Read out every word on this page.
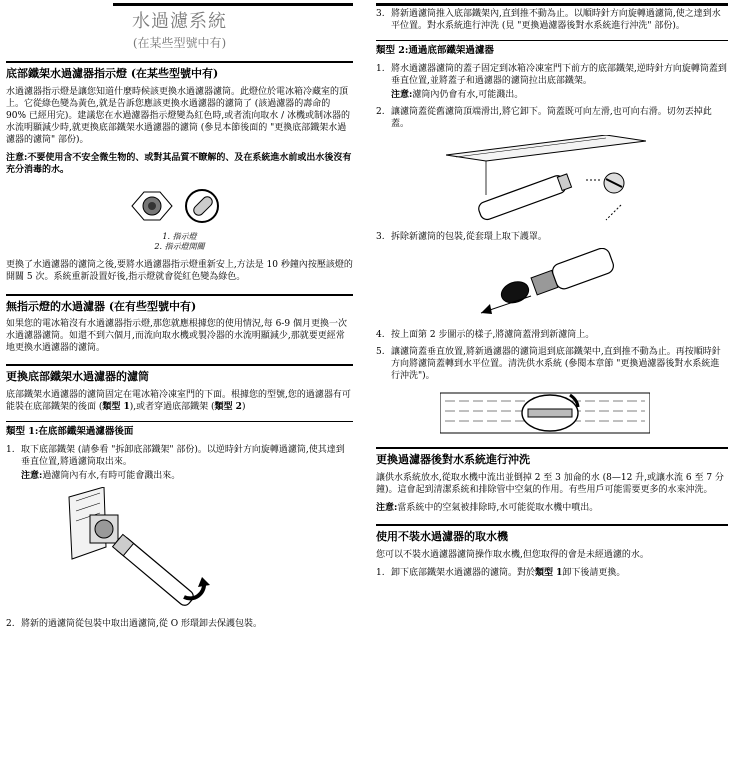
水過濾系統
(在某些型號中有)
底部鐵架水過濾器指示燈 (在某些型號中有)

水過濾器指示燈是讓您知道什麼時候該更換水過濾器濾筒。此燈位於電冰箱冷藏室的頂上。它從綠色變為黃色,就是告訴您應該更換水過濾器的濾筒了 (該過濾器的壽命的 90% 已經用完)。建議您在水過濾器指示燈變為紅色時,或者流向取水 / 冰機或制冰器的水流明顯減少時,就更換底部鐵架水過濾器的濾筒 (參見本節後面的 "更換底部鐵架水過濾器的濾筒" 部份)。

注意:不要使用含不安全微生物的、或對其品質不瞭解的、及在系統進水前或出水後沒有充分消毒的水。
1. 指示燈
2. 指示燈開關

更換了水過濾器的濾筒之後,要將水過濾器指示燈重新安上,方法是 10 秒鐘內按壓該燈的開關 5 次。系統重新設置好後,指示燈就會從紅色變為綠色。

無指示燈的水過濾器 (在有些型號中有)

如果您的電冰箱沒有水過濾器指示燈,那您就應根據您的使用情況,每 6-9 個月更換一次水過濾器濾筒。如還不到六個月,而流向取水機或製冷器的水流明顯減少,那就要更經常地更換水過濾器的濾筒。

更換底部鐵架水過濾器的濾筒

底部鐵架水過濾器的濾筒固定在電冰箱冷凍室門的下面。根據您的型號,您的過濾器有可能裝在底部鐵架的後面 (類型 1),或者穿過底部鐵架 (類型 2)

類型 1:在底部鐵架過濾器後面
1. 取下底部鐵架 (請參看 "拆卸底部鐵架" 部份)。以逆時針方向旋轉過濾筒,使其達到垂直位置,將過濾筒取出來。
注意:過濾筒內有水,有時可能會濺出來。
2. 將新的過濾筒從包裝中取出過濾筒,從 O 形環卸去保護包裝。
3. 將新過濾筒推入底部鐵架內,直到推不動為止。以順時針方向旋轉過濾筒,使之達到水平位置。對水系統進行沖洗 (見 "更換過濾器後對水系統進行沖洗" 部份)。
類型 2:通過底部鐵架過濾器
1. 將水過濾器濾筒的蓋子固定到冰箱冷凍室門下前方的底部鐵架,逆時針方向旋轉筒蓋到垂直位置,並將蓋子和過濾器的濾筒拉出底部鐵架。
注意:濾筒內仍會有水,可能濺出。
2. 讓濾筒蓋從舊濾筒頂端滑出,將它卸下。筒蓋既可向左滑,也可向右滑。切勿丟掉此蓋。
3. 拆除新濾筒的包裝,從套環上取下護罩。
4. 按上面第 2 步圖示的樣子,將濾筒蓋滑到新濾筒上。
5. 讓濾筒蓋垂直放置,將新過濾器的濾筒退到底部鐵架中,直到推不動為止。再按順時針方向將濾筒蓋轉到水平位置。清洗供水系統 (參閱本章節 "更換過濾器後對水系統進行沖洗")。
更換過濾器後對水系統進行沖洗

讓供水系統放水,從取水機中流出並倒掉 2 至 3 加侖的水 (8—12 升,或讓水流 6 至 7 分鐘)。這會起到清潔系統和排除管中空氣的作用。有些用戶可能需要更多的水來沖洗。

注意:當系統中的空氣被排除時,水可能從取水機中噴出。

使用不裝水過濾器的取水機

您可以不裝水過濾器濾筒操作取水機,但您取得的會是未經過濾的水。

1. 卸下底部鐵架水過濾器的濾筒。對於類型 1卸下後請更換。
